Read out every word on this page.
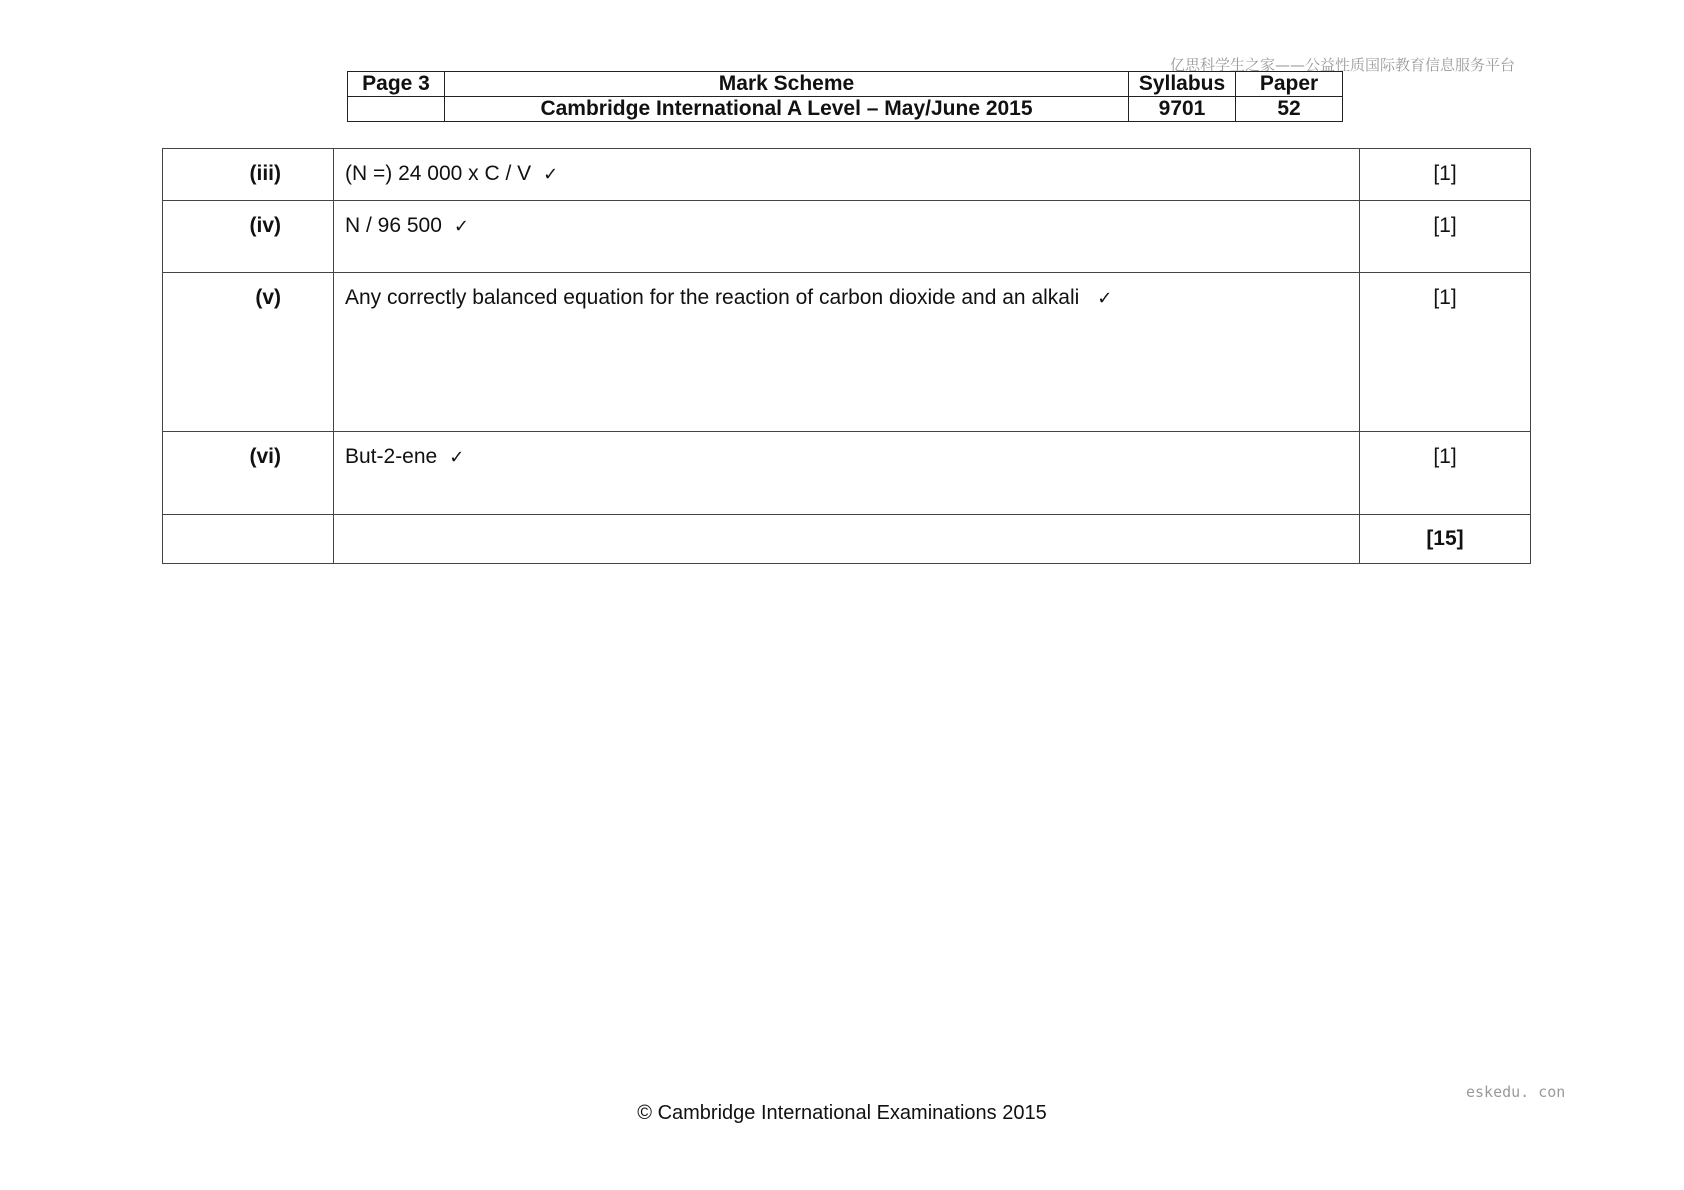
亿思科学生之家——公益性质国际教育信息服务平台
Page 3	Mark Scheme	Syllabus	Paper
	Cambridge International A Level – May/June 2015	9701	52
(iii)	(N =) 24 000 x C / V ✓	[1]

(iv)	N / 96 500 ✓	[1]

(v)	Any correctly balanced equation for the reaction of carbon dioxide and an alkali ✓	[1]

(vi)	But-2-ene ✓	[1]

		[15]
eskedu. con
© Cambridge International Examinations 2015
